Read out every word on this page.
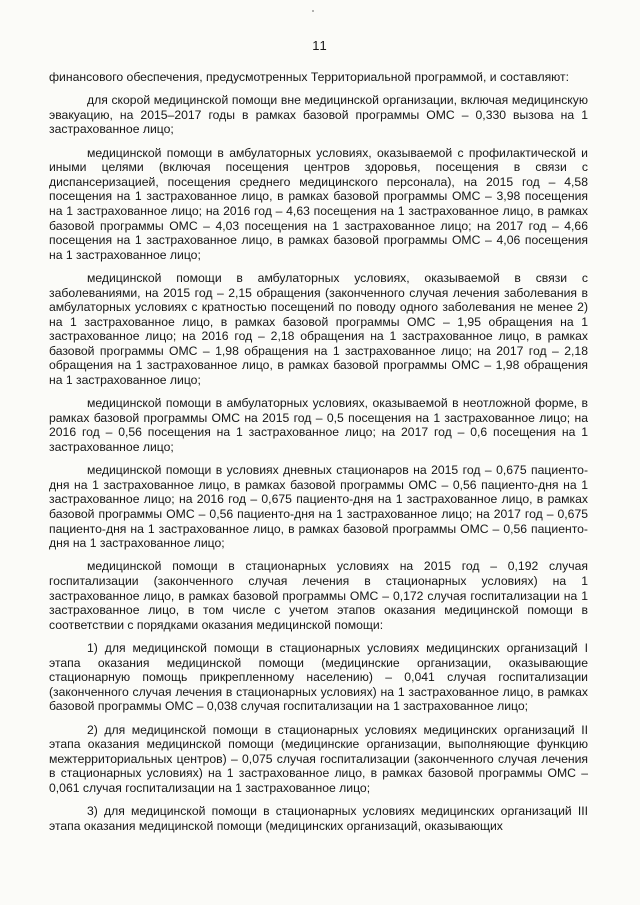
11

финансового обеспечения, предусмотренных Территориальной программой, и составляют:

для скорой медицинской помощи вне медицинской организации, включая медицинскую эвакуацию, на 2015–2017 годы в рамках базовой программы ОМС – 0,330 вызова на 1 застрахованное лицо;

медицинской помощи в амбулаторных условиях, оказываемой с профилактической и иными целями (включая посещения центров здоровья, посещения в связи с диспансеризацией, посещения среднего медицинского персонала), на 2015 год – 4,58 посещения на 1 застрахованное лицо, в рамках базовой программы ОМС – 3,98 посещения на 1 застрахованное лицо; на 2016 год – 4,63 посещения на 1 застрахованное лицо, в рамках базовой программы ОМС – 4,03 посещения на 1 застрахованное лицо; на 2017 год – 4,66 посещения на 1 застрахованное лицо, в рамках базовой программы ОМС – 4,06 посещения на 1 застрахованное лицо;

медицинской помощи в амбулаторных условиях, оказываемой в связи с заболеваниями, на 2015 год – 2,15 обращения (законченного случая лечения заболевания в амбулаторных условиях с кратностью посещений по поводу одного заболевания не менее 2) на 1 застрахованное лицо, в рамках базовой программы ОМС – 1,95 обращения на 1 застрахованное лицо; на 2016 год – 2,18 обращения на 1 застрахованное лицо, в рамках базовой программы ОМС – 1,98 обращения на 1 застрахованное лицо; на 2017 год – 2,18 обращения на 1 застрахованное лицо, в рамках базовой программы ОМС – 1,98 обращения на 1 застрахованное лицо;

медицинской помощи в амбулаторных условиях, оказываемой в неотложной форме, в рамках базовой программы ОМС на 2015 год – 0,5 посещения на 1 застрахованное лицо; на 2016 год – 0,56 посещения на 1 застрахованное лицо; на 2017 год – 0,6 посещения на 1 застрахованное лицо;

медицинской помощи в условиях дневных стационаров на 2015 год – 0,675 пациенто-дня на 1 застрахованное лицо, в рамках базовой программы ОМС – 0,56 пациенто-дня на 1 застрахованное лицо; на 2016 год – 0,675 пациенто-дня на 1 застрахованное лицо, в рамках базовой программы ОМС – 0,56 пациенто-дня на 1 застрахованное лицо; на 2017 год – 0,675 пациенто-дня на 1 застрахованное лицо, в рамках базовой программы ОМС – 0,56 пациенто-дня на 1 застрахованное лицо;

медицинской помощи в стационарных условиях на 2015 год – 0,192 случая госпитализации (законченного случая лечения в стационарных условиях) на 1 застрахованное лицо, в рамках базовой программы ОМС – 0,172 случая госпитализации на 1 застрахованное лицо, в том числе с учетом этапов оказания медицинской помощи в соответствии с порядками оказания медицинской помощи:

1) для медицинской помощи в стационарных условиях медицинских организаций I этапа оказания медицинской помощи (медицинские организации, оказывающие стационарную помощь прикрепленному населению) – 0,041 случая госпитализации (законченного случая лечения в стационарных условиях) на 1 застрахованное лицо, в рамках базовой программы ОМС – 0,038 случая госпитализации на 1 застрахованное лицо;

2) для медицинской помощи в стационарных условиях медицинских организаций II этапа оказания медицинской помощи (медицинские организации, выполняющие функцию межтерриториальных центров) – 0,075 случая госпитализации (законченного случая лечения в стационарных условиях) на 1 застрахованное лицо, в рамках базовой программы ОМС – 0,061 случая госпитализации на 1 застрахованное лицо;

3) для медицинской помощи в стационарных условиях медицинских организаций III этапа оказания медицинской помощи (медицинских организаций, оказывающих
